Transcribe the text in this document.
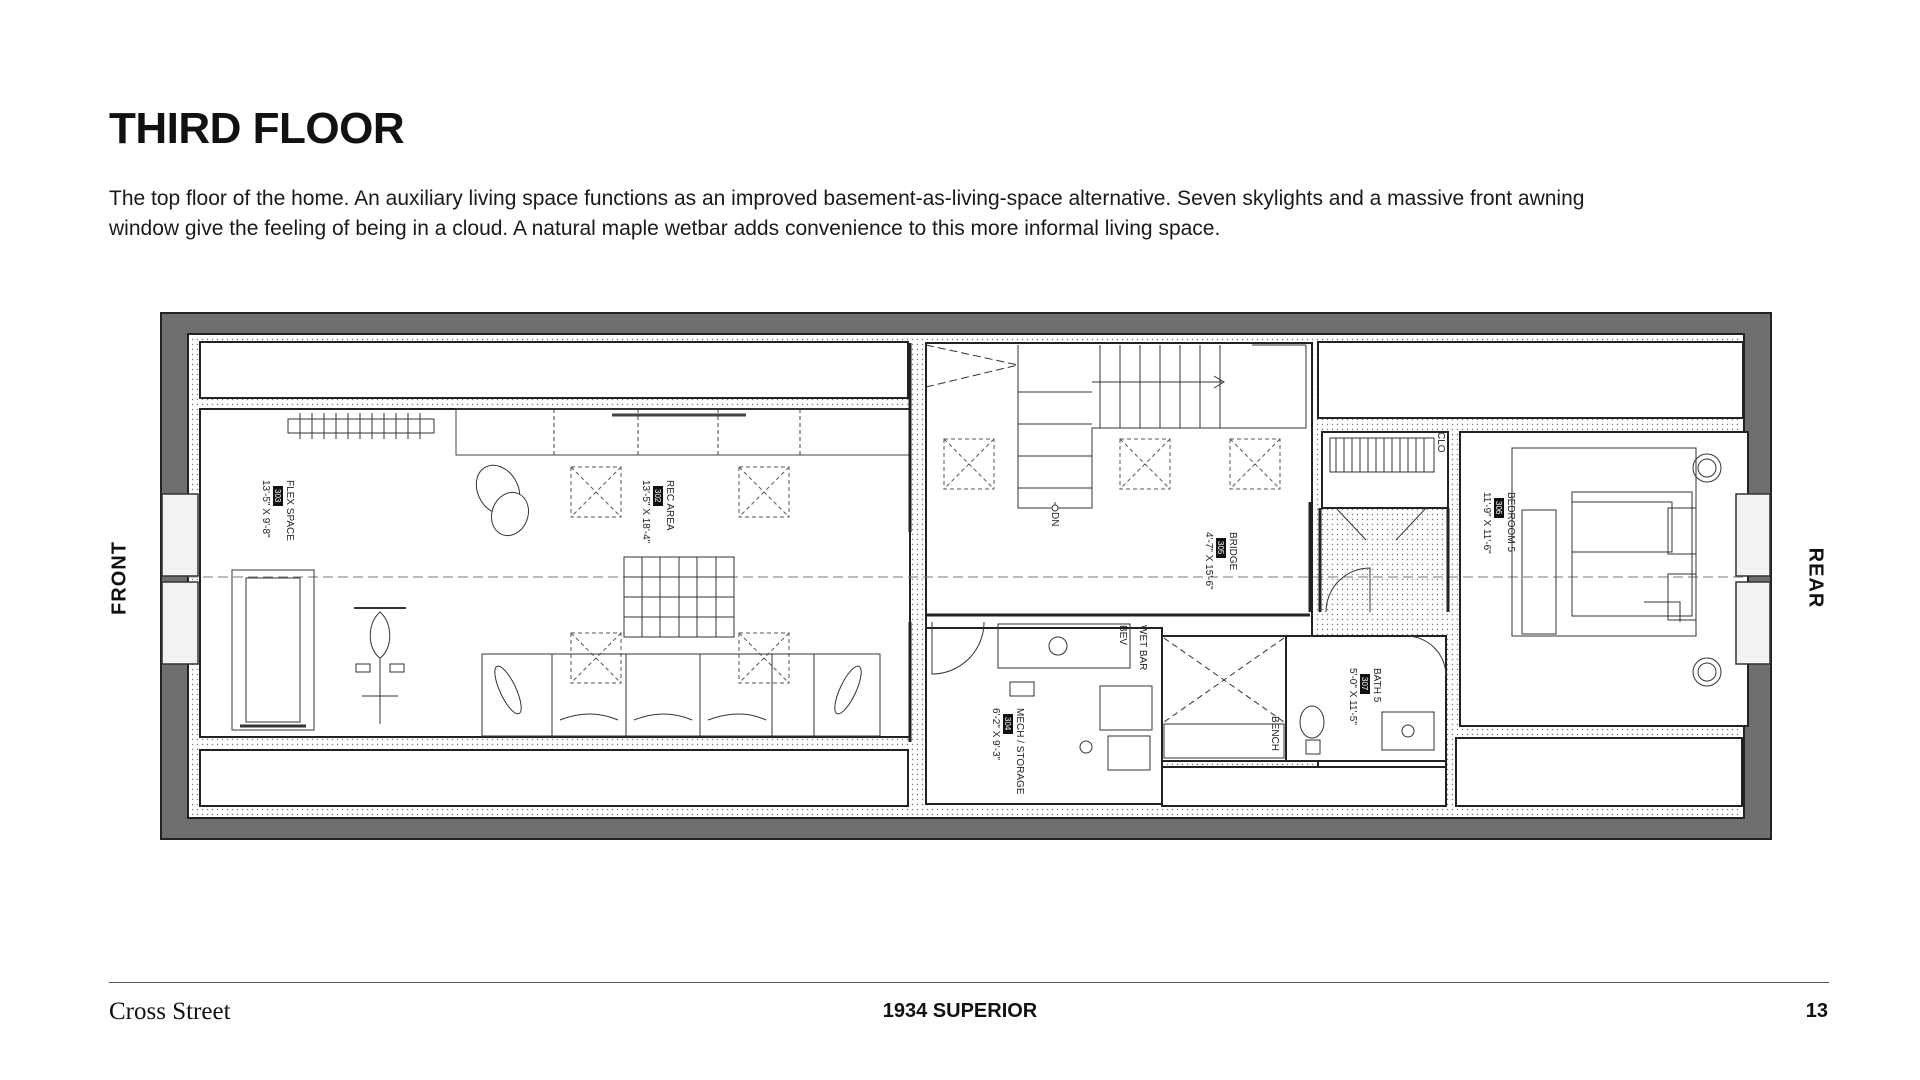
THIRD FLOOR

The top floor of the home. An auxiliary living space functions as an improved basement-as-living-space alternative. Seven skylights and a massive front awning window give the feeling of being in a cloud. A natural maple wetbar adds convenience to this more informal living space.

FRONT	REAR
FLEX SPACE
303
13'-5" X 9'-8"	REC AREA
302
13'-5" X 18'-4"
BRIDGE
305
4'-7" X 15'-6"
MECH / STORAGE
304
6'-2" X 9'-3"
BATH 5
307
5'-0" X 11'-5"
BEDROOM 5
306
11'-9" X 11'-6"
WET BAR
BEV
BENCH
CLO
DN
Cross Street	1934 SUPERIOR	13
